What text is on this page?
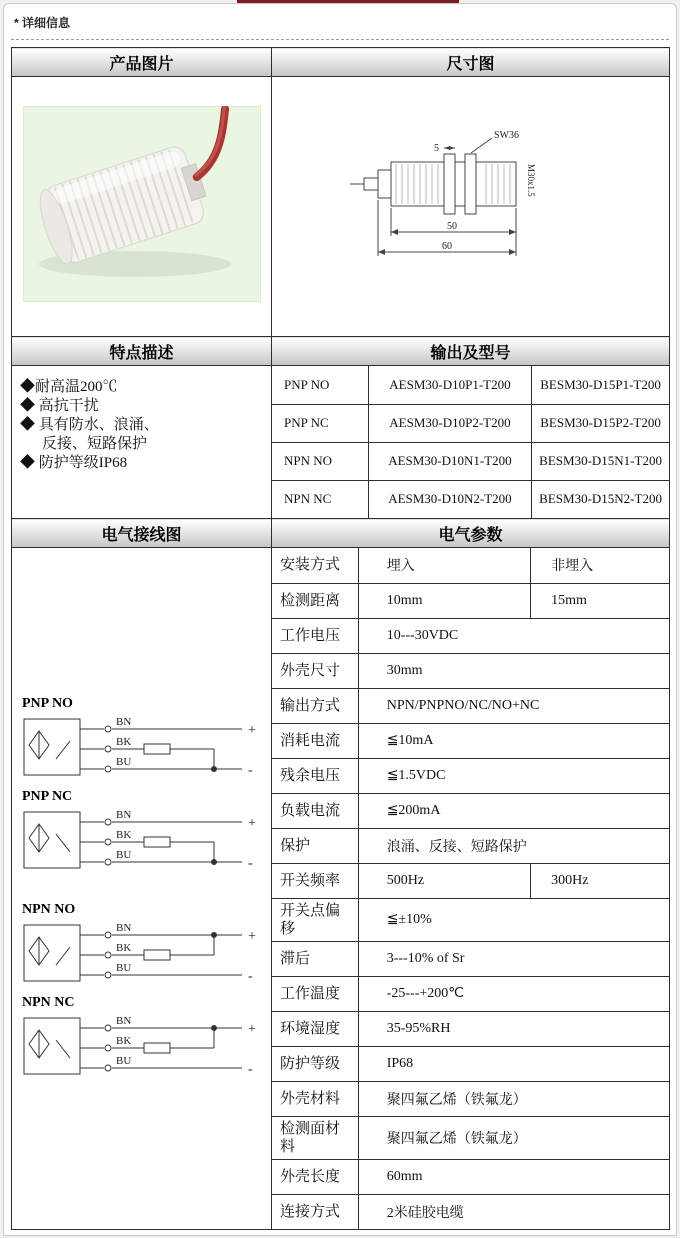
* 详细信息
产品图片	尺寸图

SW36
5
50
60
M30x1.5

特点描述	输出及型号

◆耐高温200℃
◆ 高抗干扰
◆ 具有防水、浪涌、
反接、短路保护
◆ 防护等级IP68

PNP NO	AESM30-D10P1-T200	BESM30-D15P1-T200
PNP NC	AESM30-D10P2-T200	BESM30-D15P2-T200
NPN NO	AESM30-D10N1-T200	BESM30-D15N1-T200
NPN NC	AESM30-D10N2-T200	BESM30-D15N2-T200

电气接线图	电气参数

PNP NO
BN
BK
BU
+
-
PNP NC
BN
BK
BU
+
-
NPN NO
BN
BK
BU
+
-
NPN NC
BN
BK
BU
+
-

安装方式	埋入	非埋入
检测距离	10mm	15mm
工作电压	10---30VDC
外壳尺寸	30mm
输出方式	NPN/PNPNO/NC/NO+NC
消耗电流	≦10mA
残余电压	≦1.5VDC
负载电流	≦200mA
保护	浪涌、反接、短路保护
开关频率	500Hz	300Hz
开关点偏移	≦±10%
滞后	3---10% of Sr
工作温度	-25---+200℃
环境湿度	35-95%RH
防护等级	IP68
外壳材料	聚四氟乙烯（铁氟龙）
检测面材料	聚四氟乙烯（铁氟龙）
外壳长度	60mm
连接方式	2米硅胶电缆
